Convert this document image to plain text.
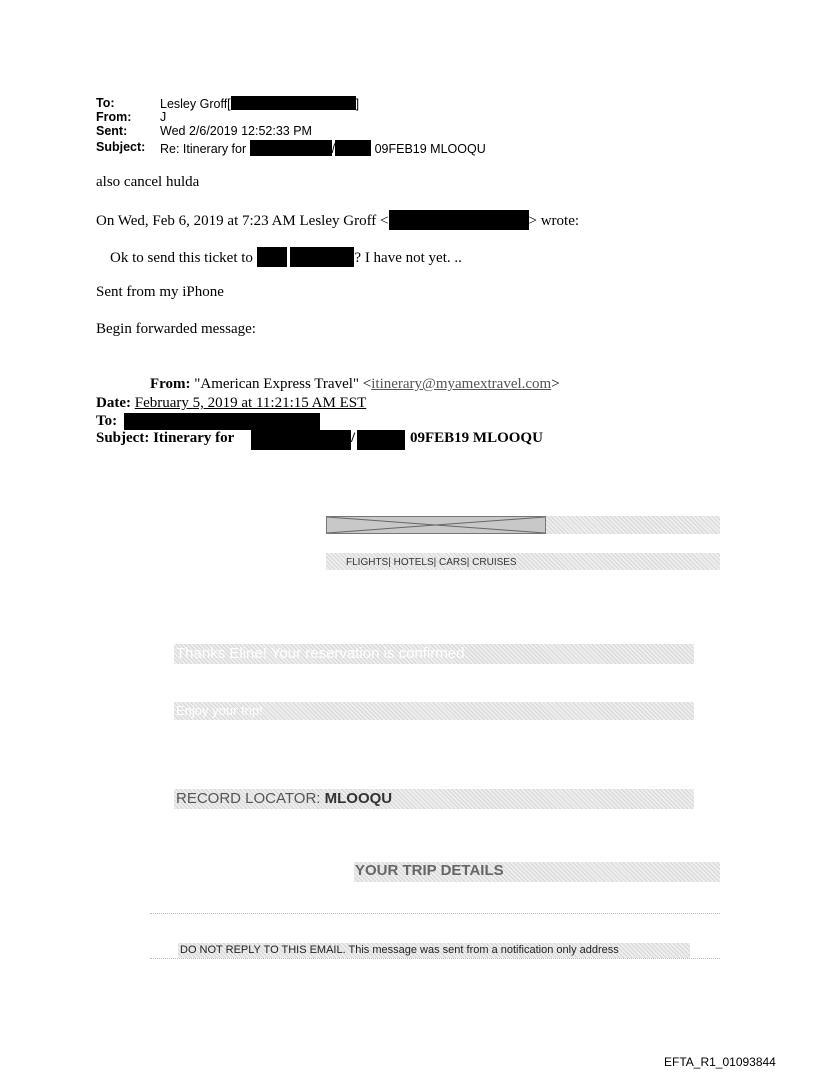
To:	Lesley Groff[	]
From: J
Sent:	Wed 2/6/2019 12:52:33 PM
Subject: Re: Itinerary for	/	09FEB19 MLOOQU
also cancel hulda
On Wed, Feb 6, 2019 at 7:23 AM Lesley Groff <	> wrote:
Ok to send this ticket to	? I have not yet. ..
Sent from my iPhone
Begin forwarded message:
From: "American Express Travel" <itinerary@myamextravel.com>
Date: February 5, 2019 at 11:21:15 AM EST
To:
Subject: Itinerary for	/	09FEB19 MLOOQU
FLIGHTS| HOTELS| CARS| CRUISES
Thanks Eline! Your reservation is confirmed.
Enjoy your trip!
RECORD LOCATOR: MLOOQU
YOUR TRIP DETAILS
DO NOT REPLY TO THIS EMAIL. This message was sent from a notification only address
EFTA_R1_01093844
